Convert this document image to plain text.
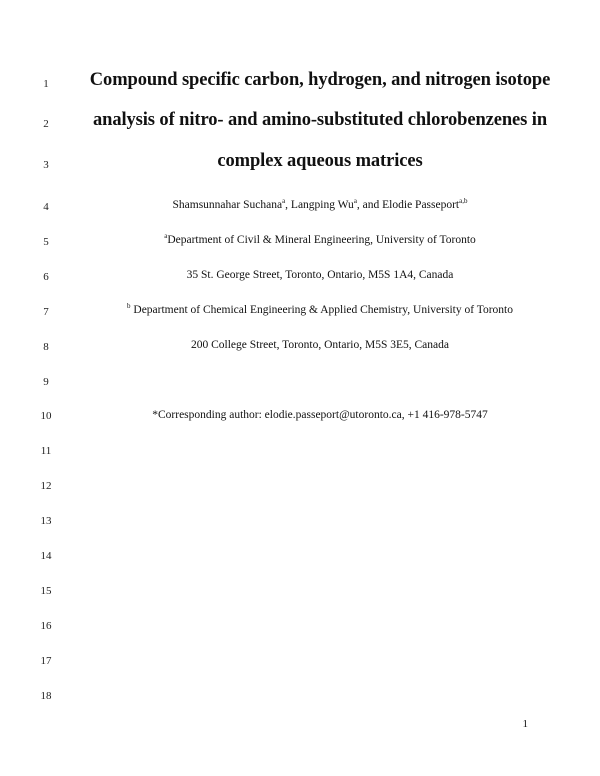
1
2
3
4
5
6
7
8
9
10
11
12
13
14
15
16
17
18
Compound specific carbon, hydrogen, and nitrogen isotope
analysis of nitro- and amino-substituted chlorobenzenes in
complex aqueous matrices
Shamsunnahar Suchana$^a$, Langping Wu$^a$, and Elodie Passeport$^{a,b}$
$^a$Department of Civil & Mineral Engineering, University of Toronto
35 St. George Street, Toronto, Ontario, M5S 1A4, Canada
$^b$ Department of Chemical Engineering & Applied Chemistry, University of Toronto
200 College Street, Toronto, Ontario, M5S 3E5, Canada
*Corresponding author: elodie.passeport@utoronto.ca, +1 416-978-5747
1
